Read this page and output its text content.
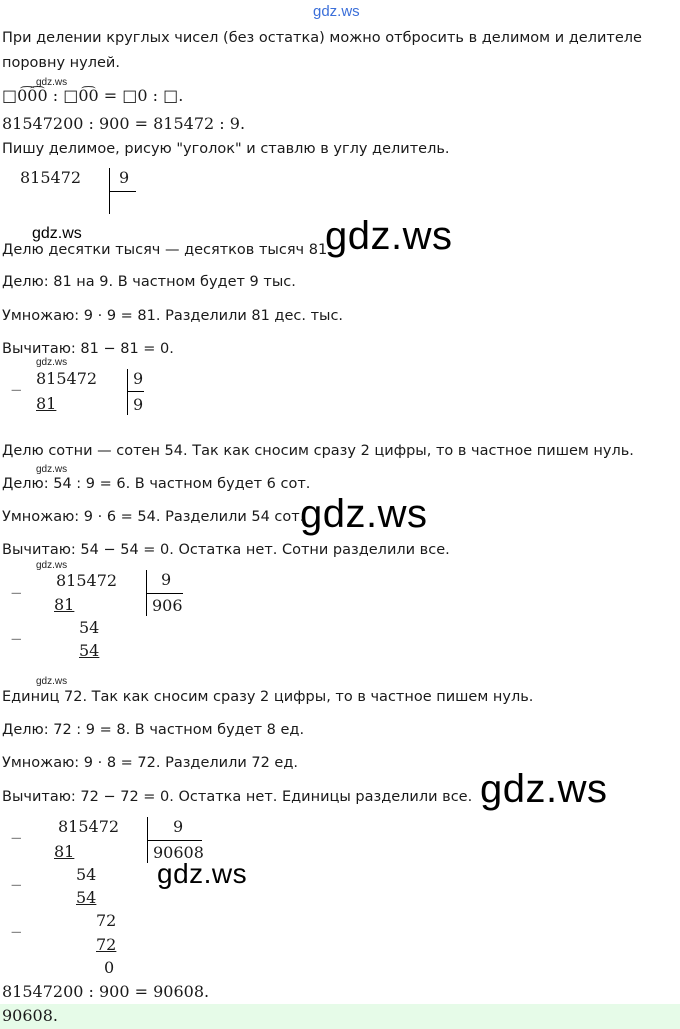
gdz.ws
При делении круглых чисел (без остатка) можно отбросить в делимом и делителе
поровну нулей.
gdz.ws
□0͡0͡0 : □0͡0 = □0 : □.
81547200 : 900 = 815472 : 9.
Пишу делимое, рисую "уголок" и ставлю в углу делитель.
815472 9
gdz.ws	gdz.ws
Делю десятки тысяч — десятков тысяч 81.
Делю: 81 на 9. В частном будет 9 тыс.
Умножаю: 9 · 9 = 81. Разделили 81 дес. тыс.
Вычитаю: 81 − 81 = 0.
gdz.ws
−
815472
81
9
9
Делю сотни — сотен 54. Так как сносим сразу 2 цифры, то в частное пишем нуль.
gdz.ws
Делю: 54 : 9 = 6. В частном будет 6 сот.
gdz.ws
Умножаю: 9 · 6 = 54. Разделили 54 сот.
Вычитаю: 54 − 54 = 0. Остатка нет. Сотни разделили все.
gdz.ws
−
815472
81
−
54
54
9
906
gdz.ws
Единиц 72. Так как сносим сразу 2 цифры, то в частное пишем нуль.
Делю: 72 : 9 = 8. В частном будет 8 ед.
Умножаю: 9 · 8 = 72. Разделили 72 ед.
gdz.ws
Вычитаю: 72 − 72 = 0. Остатка нет. Единицы разделили все.
−
815472
81
−
54
54
−
72
72
0
9
90608
gdz.ws
81547200 : 900 = 90608.
90608.
